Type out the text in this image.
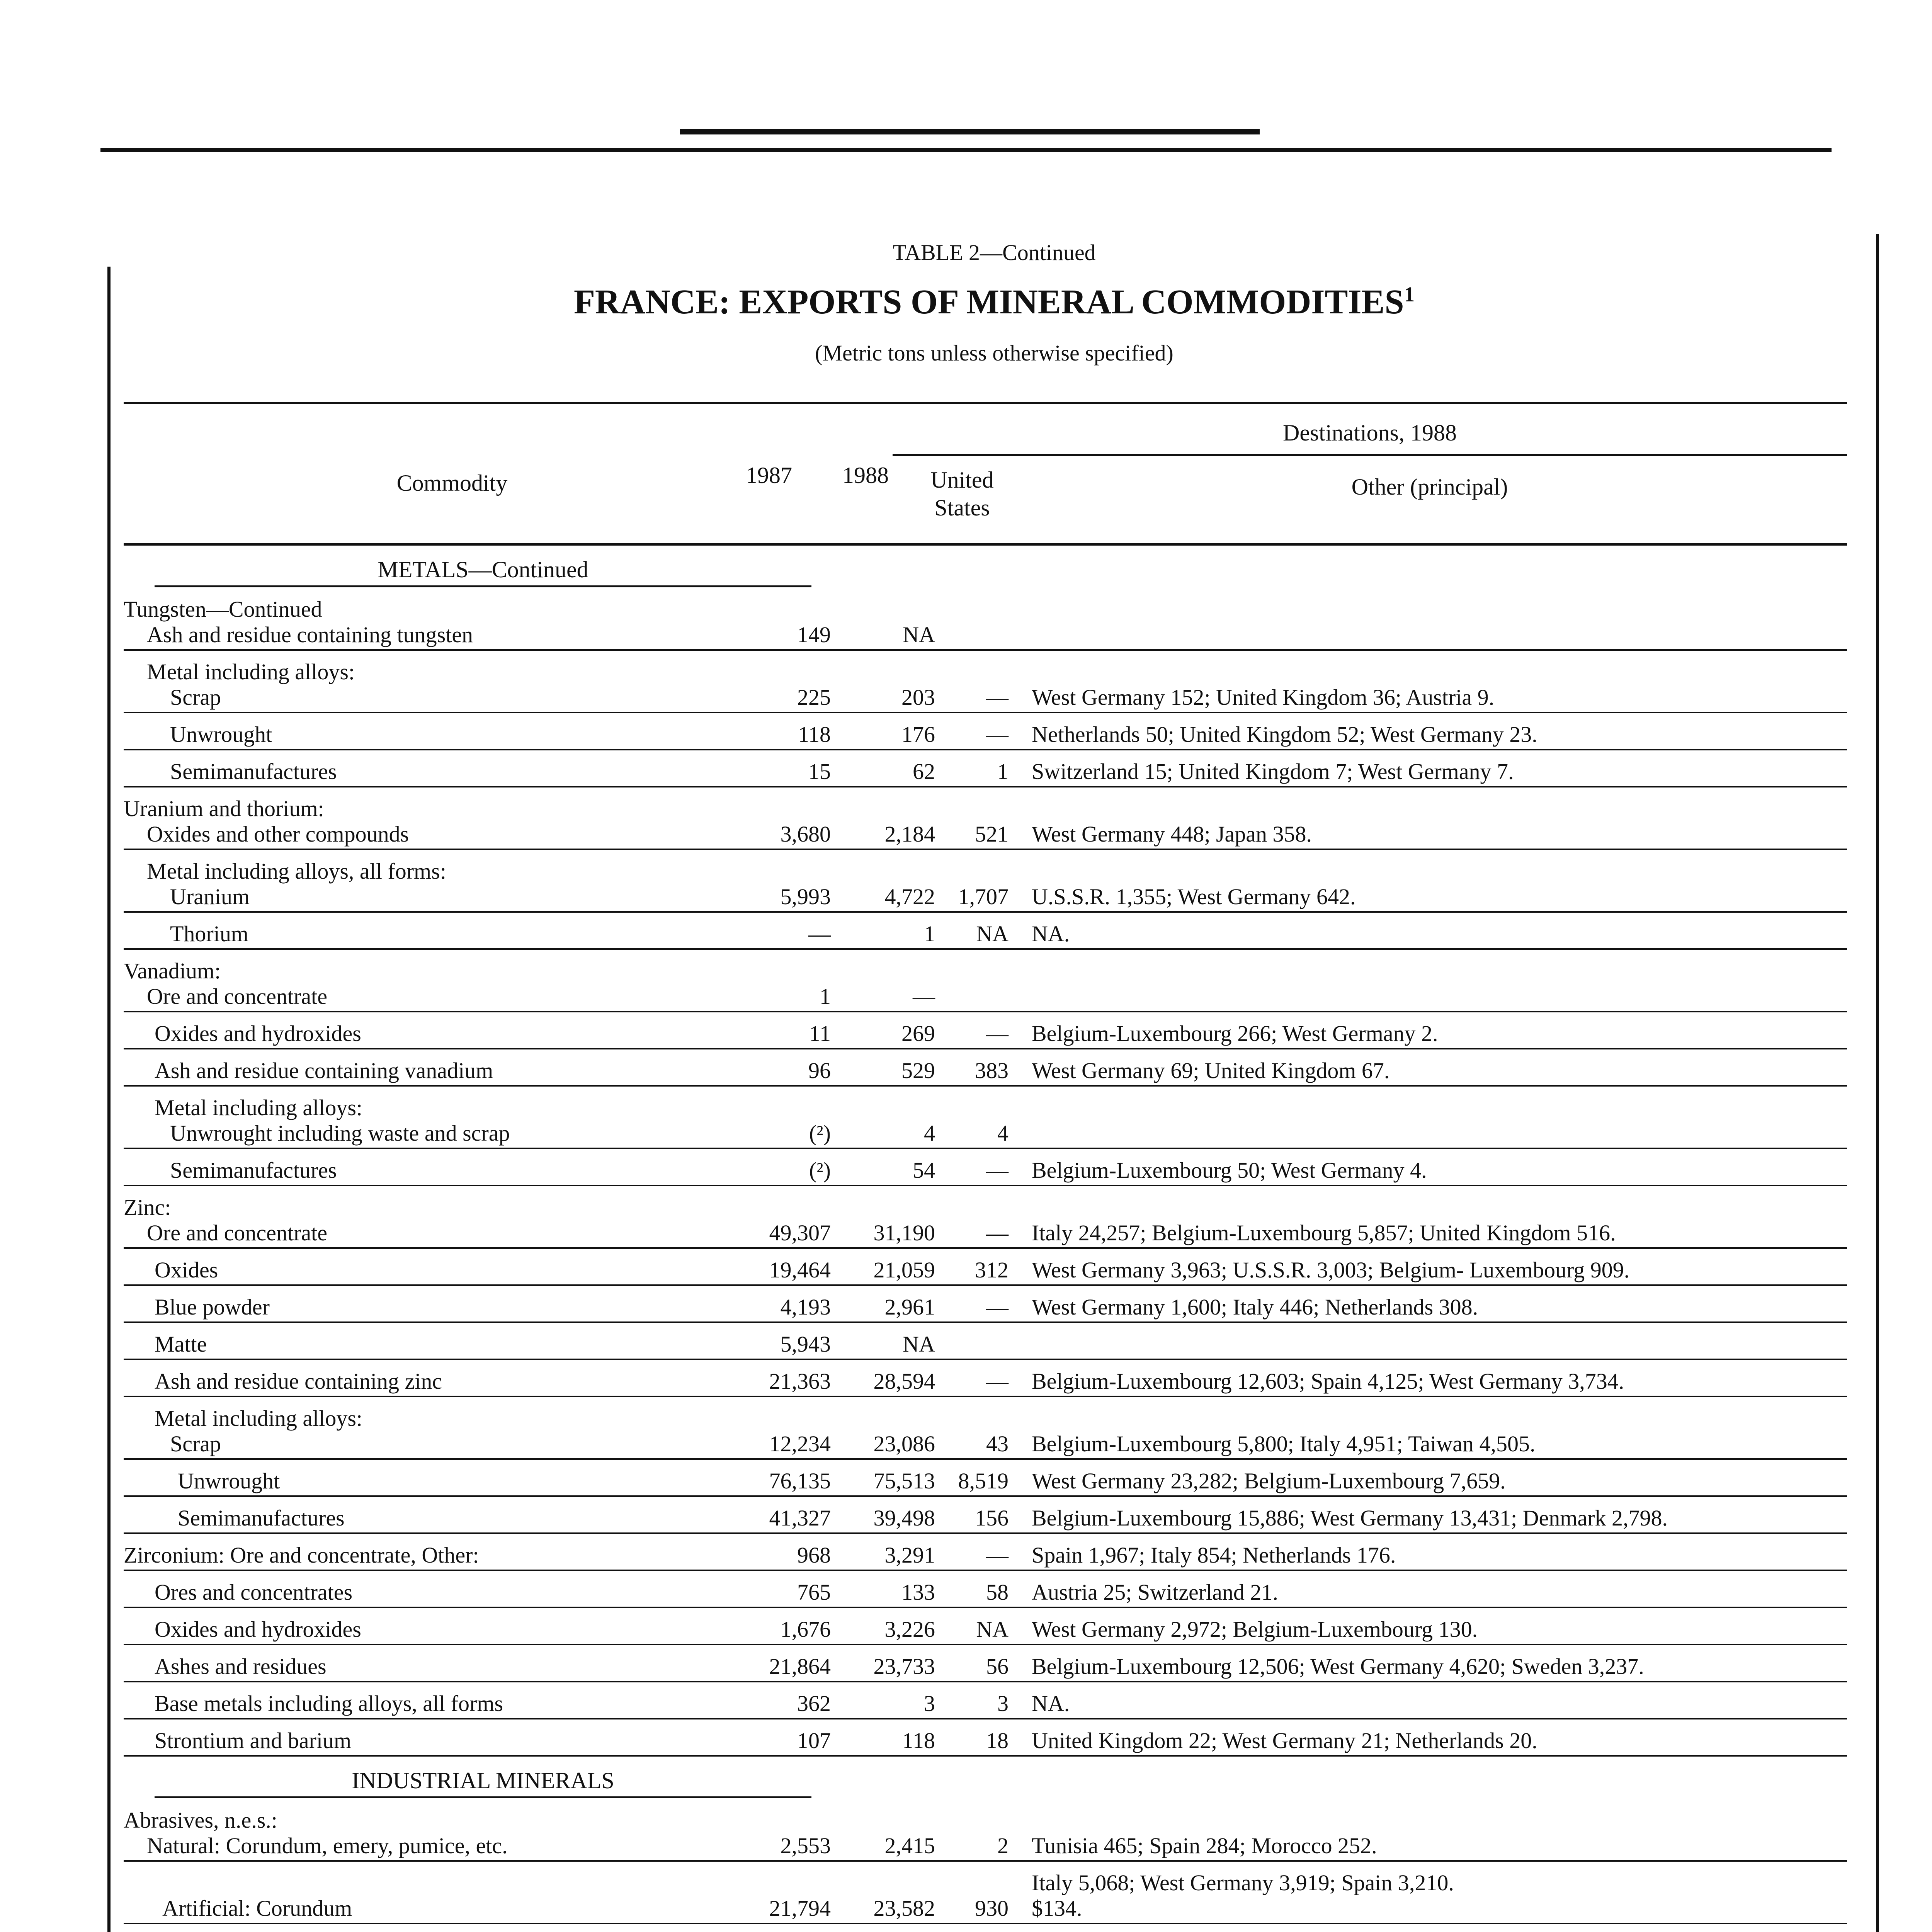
TABLE 2—Continued
FRANCE: EXPORTS OF MINERAL COMMODITIES$^1$
(Metric tons unless otherwise specified)
Commodity	1987	1988
Destinations, 1988
United
States
Other (principal)
METALS—Continued
Tungsten—Continued
Ash and residue containing tungsten	149	NA
Metal including alloys:
Scrap	225	203	— West Germany 152; United Kingdom 36; Austria 9.
Unwrought	118	176	— Netherlands 50; United Kingdom 52; West Germany 23.
Semimanufactures	15	62	1 Switzerland 15; United Kingdom 7; West Germany 7.
Uranium and thorium:
Oxides and other compounds	3,680	2,184	521 West Germany 448; Japan 358.
Metal including alloys, all forms:
Uranium	5,993	4,722	1,707 U.S.S.R. 1,355; West Germany 642.
Thorium	—	1	NA NA.
Vanadium:
Ore and concentrate	1	—
Oxides and hydroxides	11	269	— Belgium-Luxembourg 266; West Germany 2.
Ash and residue containing vanadium	96	529	383 West Germany 69; United Kingdom 67.
Metal including alloys:
Unwrought including waste and scrap	(²)	4	4
Semimanufactures	(²)	54	— Belgium-Luxembourg 50; West Germany 4.
Zinc:
Ore and concentrate	49,307	31,190	— Italy 24,257; Belgium-Luxembourg 5,857; United Kingdom 516.
Oxides	19,464	21,059	312 West Germany 3,963; U.S.S.R. 3,003; Belgium- Luxembourg 909.
Blue powder	4,193	2,961	— West Germany 1,600; Italy 446; Netherlands 308.
Matte	5,943	NA
Ash and residue containing zinc	21,363	28,594	— Belgium-Luxembourg 12,603; Spain 4,125; West Germany 3,734.
Metal including alloys:
Scrap	12,234	23,086	43 Belgium-Luxembourg 5,800; Italy 4,951; Taiwan 4,505.
Unwrought	76,135	75,513	8,519 West Germany 23,282; Belgium-Luxembourg 7,659.
Semimanufactures	41,327	39,498	156 Belgium-Luxembourg 15,886; West Germany 13,431; Denmark 2,798.
Zirconium: Ore and concentrate, Other:	968	3,291	— Spain 1,967; Italy 854; Netherlands 176.
Ores and concentrates	765	133	58 Austria 25; Switzerland 21.
Oxides and hydroxides	1,676	3,226	NA West Germany 2,972; Belgium-Luxembourg 130.
Ashes and residues	21,864	23,733	56 Belgium-Luxembourg 12,506; West Germany 4,620; Sweden 3,237.
Base metals including alloys, all forms	362	3	3 NA.
Strontium and barium	107	118	18 United Kingdom 22; West Germany 21; Netherlands 20.
INDUSTRIAL MINERALS
Abrasives, n.e.s.:
Natural: Corundum, emery, pumice, etc.	2,553	2,415	2 Tunisia 465; Spain 284; Morocco 252.
Artificial: Corundum	21,794	23,582	930
Italy 5,068; West Germany 3,919; Spain 3,210.
$134.
